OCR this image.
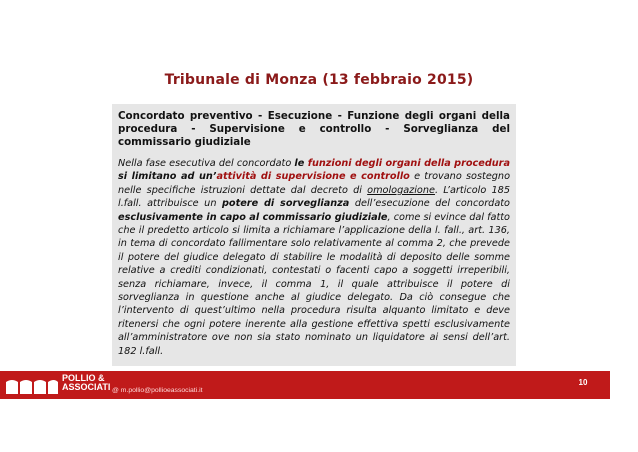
Tribunale di Monza (13 febbraio 2015)
Concordato preventivo - Esecuzione - Funzione degli organi della procedura - Supervisione e controllo - Sorveglianza del commissario giudiziale
Nella fase esecutiva del concordato le funzioni degli organi della procedura si limitano ad un’attività di supervisione e controllo e trovano sostegno nelle specifiche istruzioni dettate dal decreto di omologazione. L’articolo 185 l.fall. attribuisce un potere di sorveglianza dell’esecuzione del concordato esclusivamente in capo al commissario giudiziale, come si evince dal fatto che il predetto articolo si limita a richiamare l’applicazione della l. fall., art. 136, in tema di concordato fallimentare solo relativamente al comma 2, che prevede il potere del giudice delegato di stabilire le modalità di deposito delle somme relative a crediti condizionati, contestati o facenti capo a soggetti irreperibili, senza richiamare, invece, il comma 1, il quale attribuisce il potere di sorveglianza in questione anche al giudice delegato. Da ciò consegue che l’intervento di quest’ultimo nella procedura risulta alquanto limitato e deve ritenersi che ogni potere inerente alla gestione effettiva spetti esclusivamente all’amministratore ove non sia stato nominato un liquidatore ai sensi dell’art. 182 l.fall.
POLLIO &
ASSOCIATI @ m.pollio@pollioeassociati.it
10
